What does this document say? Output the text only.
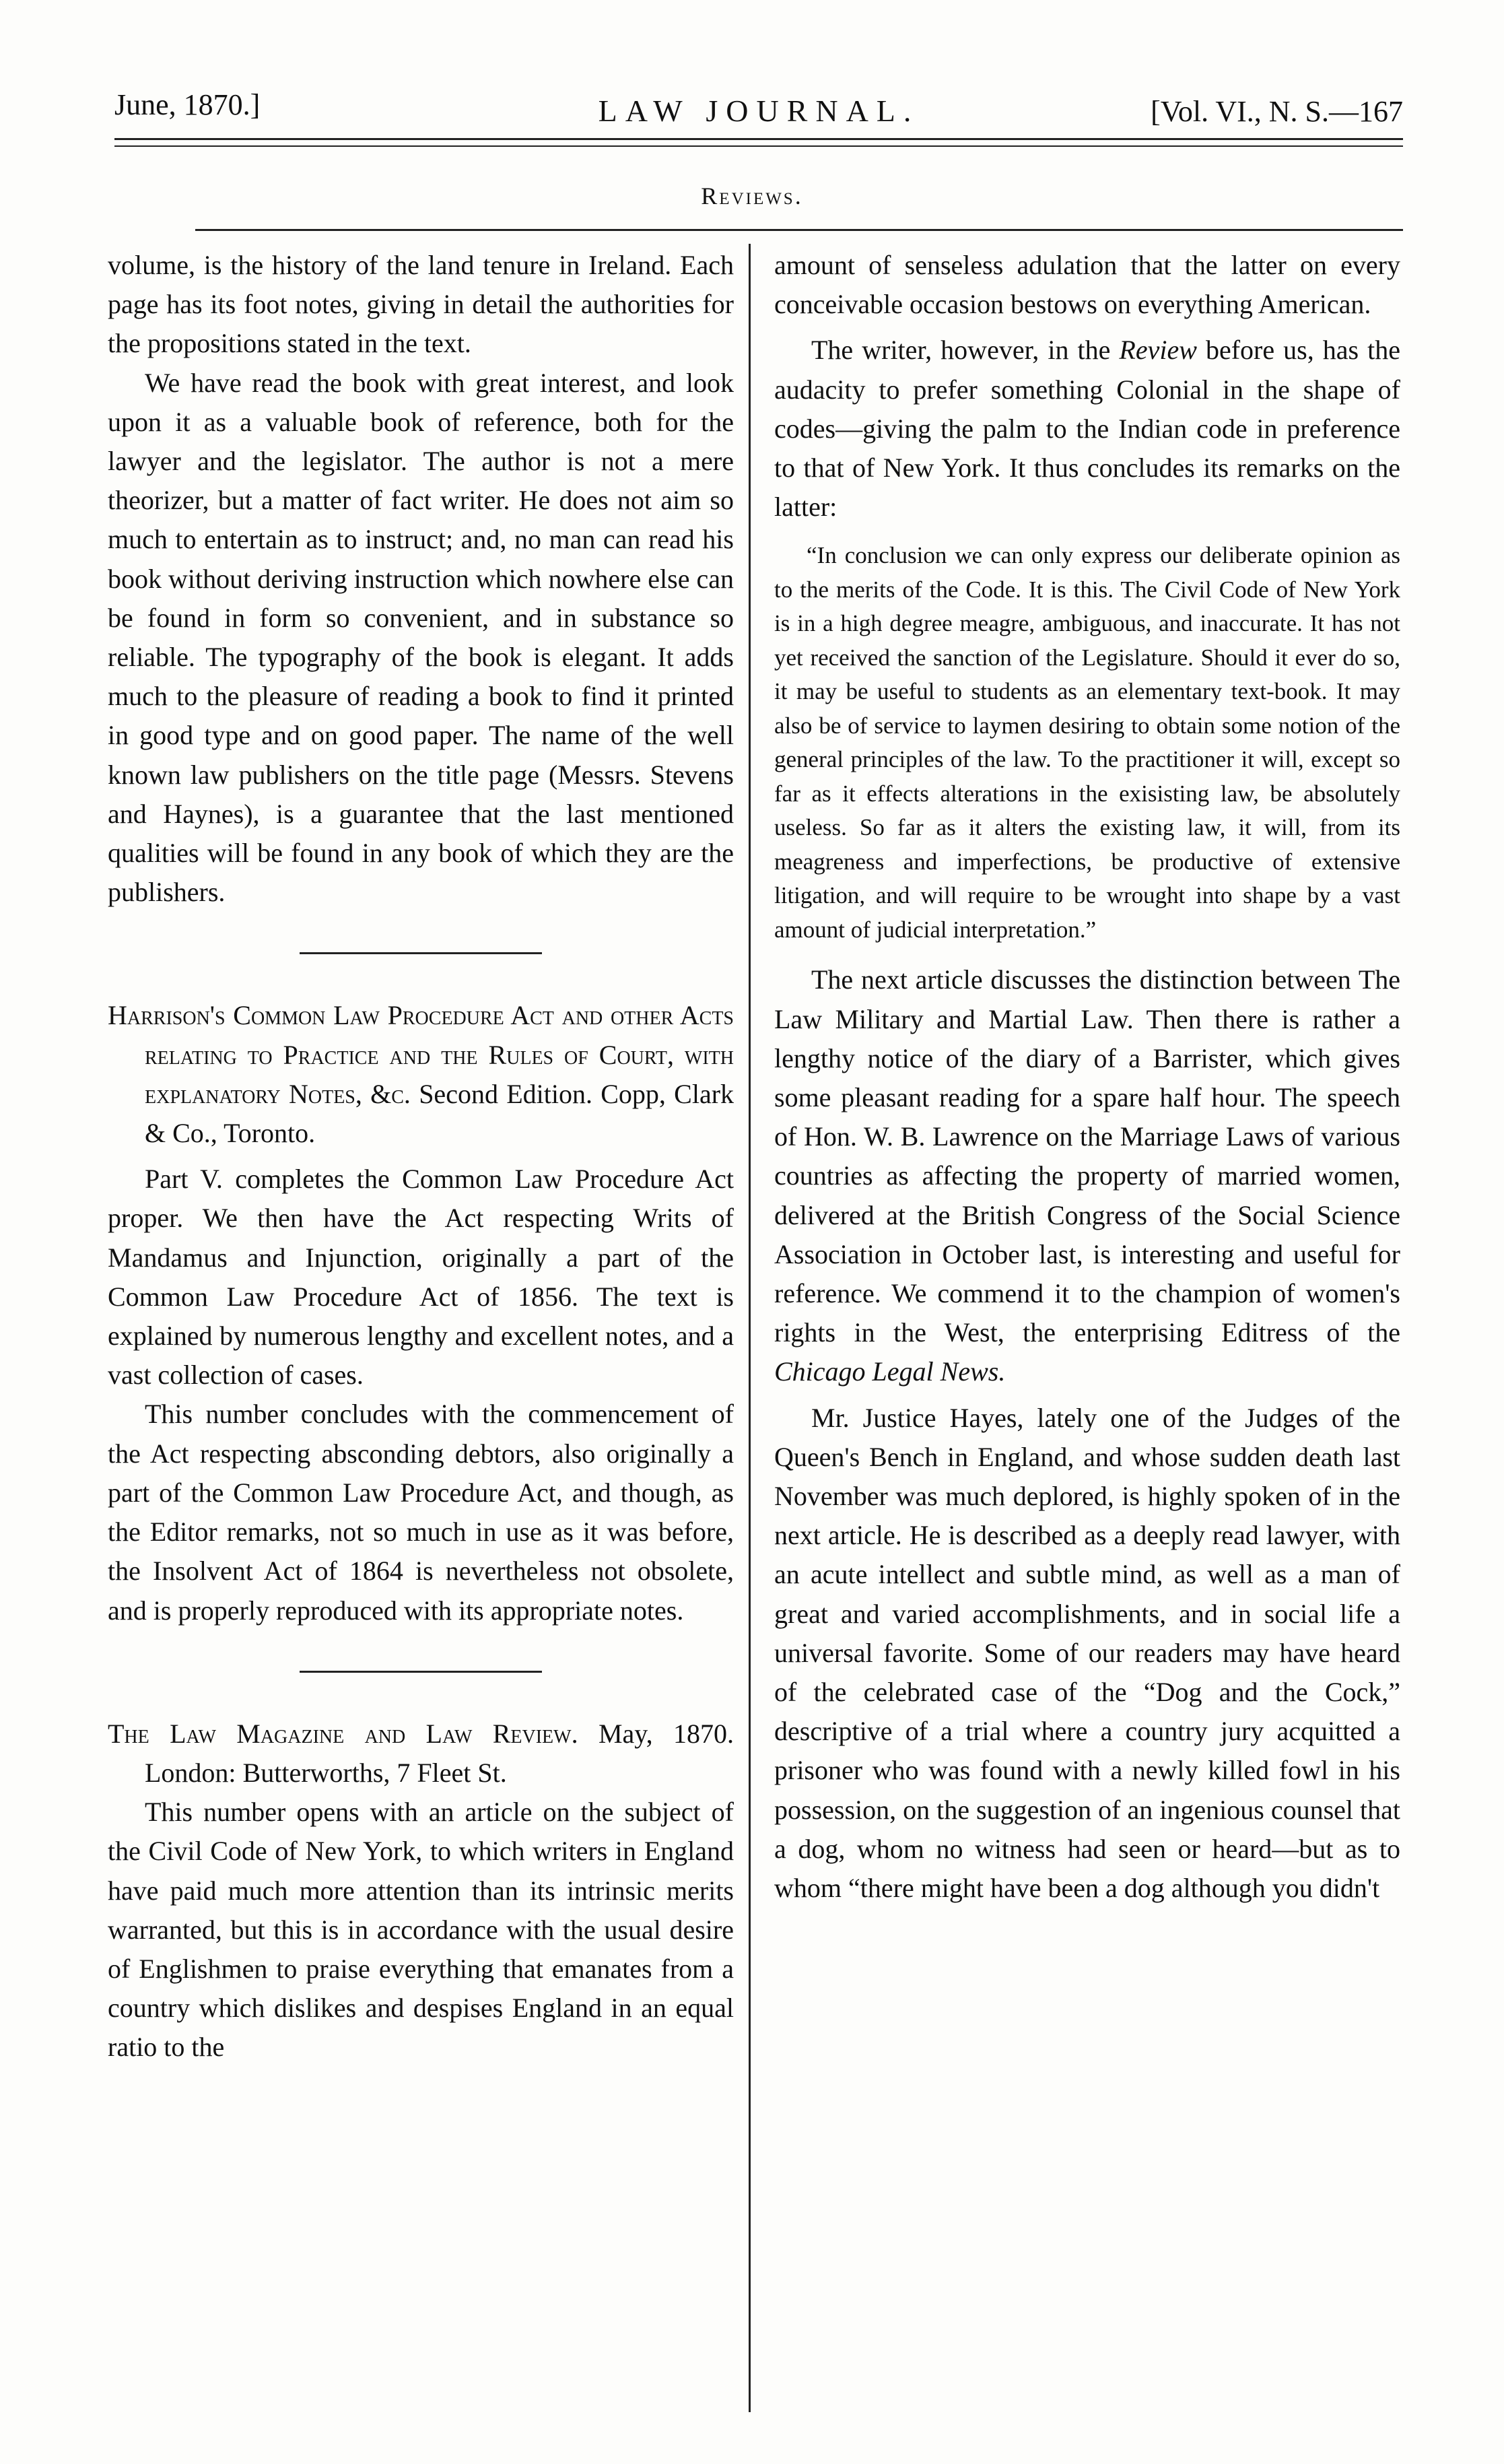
June, 1870.]	LAW JOURNAL.	[Vol. VI., N. S.—167
Reviews.

volume, is the history of the land tenure in Ireland. Each page has its foot notes, giving in detail the authorities for the propositions stated in the text.

We have read the book with great interest, and look upon it as a valuable book of reference, both for the lawyer and the legislator. The author is not a mere theorizer, but a matter of fact writer. He does not aim so much to entertain as to instruct; and, no man can read his book without deriving instruction which nowhere else can be found in form so convenient, and in substance so reliable. The typography of the book is elegant. It adds much to the pleasure of reading a book to find it printed in good type and on good paper. The name of the well known law publishers on the title page (Messrs. Stevens and Haynes), is a guarantee that the last mentioned qualities will be found in any book of which they are the publishers.

Harrison's Common Law Procedure Act and other Acts relating to Practice and the Rules of Court, with explanatory Notes, &c. Second Edition. Copp, Clark & Co., Toronto.

Part V. completes the Common Law Procedure Act proper. We then have the Act respecting Writs of Mandamus and Injunction, originally a part of the Common Law Procedure Act of 1856. The text is explained by numerous lengthy and excellent notes, and a vast collection of cases.

This number concludes with the commencement of the Act respecting absconding debtors, also originally a part of the Common Law Procedure Act, and though, as the Editor remarks, not so much in use as it was before, the Insolvent Act of 1864 is nevertheless not obsolete, and is properly reproduced with its appropriate notes.

The Law Magazine and Law Review. May, 1870. London: Butterworths, 7 Fleet St.

This number opens with an article on the subject of the Civil Code of New York, to which writers in England have paid much more attention than its intrinsic merits warranted, but this is in accordance with the usual desire of Englishmen to praise everything that emanates from a country which dislikes and despises England in an equal ratio to the

amount of senseless adulation that the latter on every conceivable occasion bestows on everything American.

The writer, however, in the Review before us, has the audacity to prefer something Colonial in the shape of codes—giving the palm to the Indian code in preference to that of New York. It thus concludes its remarks on the latter:

“In conclusion we can only express our deliberate opinion as to the merits of the Code. It is this. The Civil Code of New York is in a high degree meagre, ambiguous, and inaccurate. It has not yet received the sanction of the Legislature. Should it ever do so, it may be useful to students as an elementary text-book. It may also be of service to laymen desiring to obtain some notion of the general principles of the law. To the practitioner it will, except so far as it effects alterations in the exisisting law, be absolutely useless. So far as it alters the existing law, it will, from its meagreness and imperfections, be productive of extensive litigation, and will require to be wrought into shape by a vast amount of judicial interpretation.”

The next article discusses the distinction between The Law Military and Martial Law. Then there is rather a lengthy notice of the diary of a Barrister, which gives some pleasant reading for a spare half hour. The speech of Hon. W. B. Lawrence on the Marriage Laws of various countries as affecting the property of married women, delivered at the British Congress of the Social Science Association in October last, is interesting and useful for reference. We commend it to the champion of women's rights in the West, the enterprising Editress of the Chicago Legal News.

Mr. Justice Hayes, lately one of the Judges of the Queen's Bench in England, and whose sudden death last November was much deplored, is highly spoken of in the next article. He is described as a deeply read lawyer, with an acute intellect and subtle mind, as well as a man of great and varied accomplishments, and in social life a universal favorite. Some of our readers may have heard of the celebrated case of the “Dog and the Cock,” descriptive of a trial where a country jury acquitted a prisoner who was found with a newly killed fowl in his possession, on the suggestion of an ingenious counsel that a dog, whom no witness had seen or heard—but as to whom “there might have been a dog although you didn't
